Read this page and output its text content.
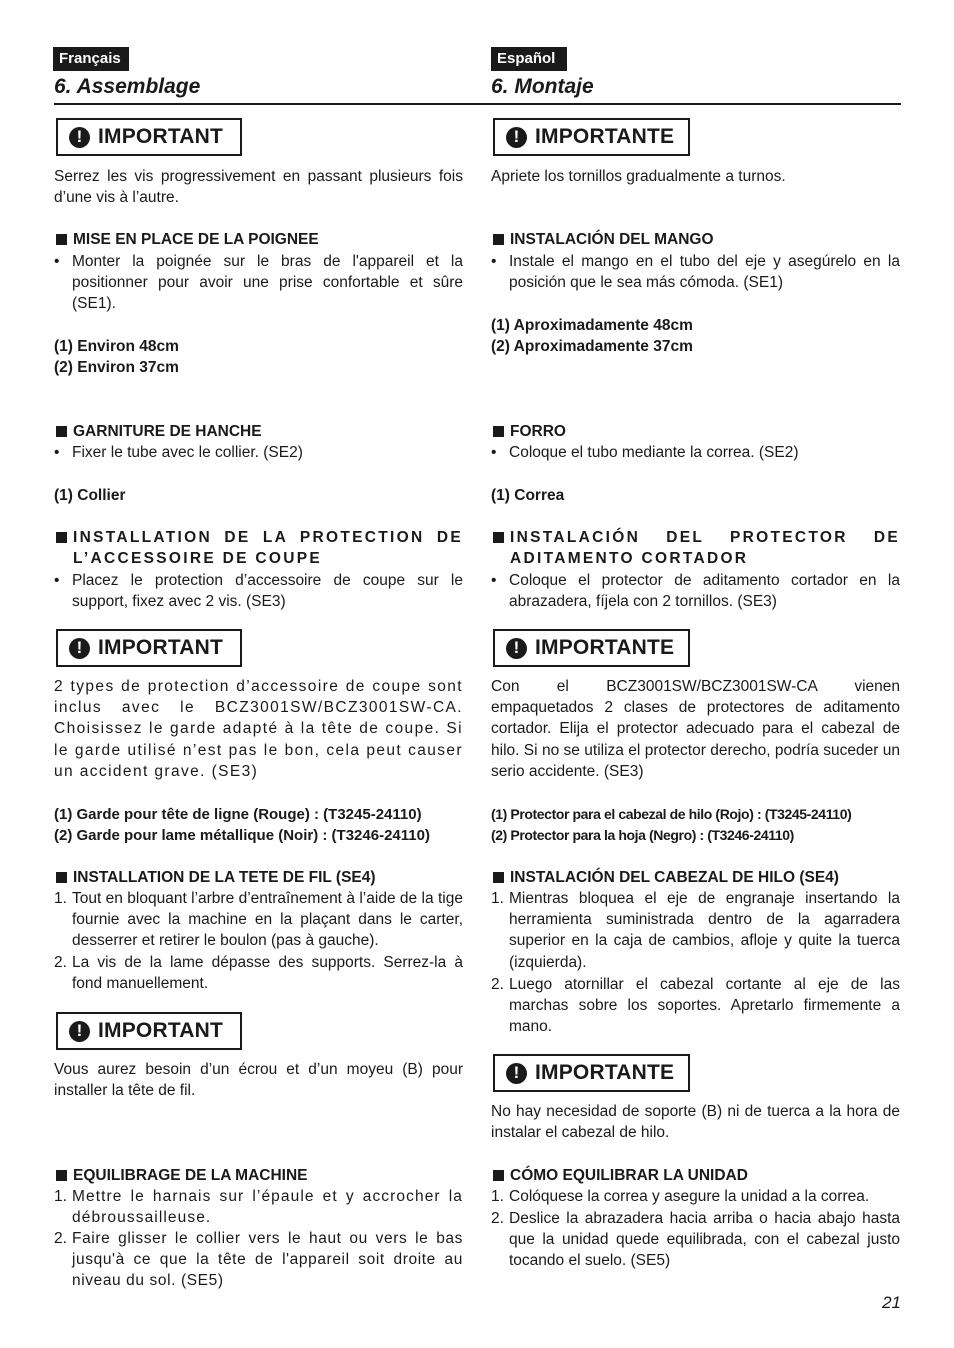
Français
6. Assemblage
! IMPORTANT
Serrez les vis progressivement en passant plusieurs fois d’une vis à l’autre.
MISE EN PLACE DE LA POIGNEE
• Monter la poignée sur le bras de l'appareil et la positionner pour avoir une prise confortable et sûre (SE1).
(1) Environ 48cm
(2) Environ 37cm
GARNITURE DE HANCHE
• Fixer le tube avec le collier. (SE2)
(1) Collier
INSTALLATION DE LA PROTECTION DE L’ACCESSOIRE DE COUPE
• Placez le protection d’accessoire de coupe sur le support, fixez avec 2 vis. (SE3)
! IMPORTANT
2 types de protection d’accessoire de coupe sont inclus avec le BCZ3001SW/BCZ3001SW-CA. Choisissez le garde adapté à la tête de coupe. Si le garde utilisé n’est pas le bon, cela peut causer un accident grave. (SE3)
(1) Garde pour tête de ligne (Rouge) : (T3245-24110)
(2) Garde pour lame métallique (Noir) : (T3246-24110)
INSTALLATION DE LA TETE DE FIL (SE4)
1. Tout en bloquant l’arbre d’entraînement à l’aide de la tige fournie avec la machine en la plaçant dans le carter, desserrer et retirer le boulon (pas à gauche).
2. La vis de la lame dépasse des supports. Serrez-la à fond manuellement.
! IMPORTANT
Vous aurez besoin d’un écrou et d’un moyeu (B) pour installer la tête de fil.
EQUILIBRAGE DE LA MACHINE
1. Mettre le harnais sur l’épaule et y accrocher la débroussailleuse.
2. Faire glisser le collier vers le haut ou vers le bas jusqu'à ce que la tête de l'appareil soit droite au niveau du sol. (SE5)
Español
6. Montaje
! IMPORTANTE
Apriete los tornillos gradualmente a turnos.
INSTALACIÓN DEL MANGO
• Instale el mango en el tubo del eje y asegúrelo en la posición que le sea más cómoda. (SE1)
(1) Aproximadamente 48cm
(2) Aproximadamente 37cm
FORRO
• Coloque el tubo mediante la correa. (SE2)
(1) Correa
INSTALACIÓN DEL PROTECTOR DE ADITAMENTO CORTADOR
• Coloque el protector de aditamento cortador en la abrazadera, fíjela con 2 tornillos. (SE3)
! IMPORTANTE
Con el BCZ3001SW/BCZ3001SW-CA vienen empaquetados 2 clases de protectores de aditamento cortador. Elija el protector adecuado para el cabezal de hilo. Si no se utiliza el protector derecho, podría suceder un serio accidente. (SE3)
(1) Protector para el cabezal de hilo (Rojo) : (T3245-24110)
(2) Protector para la hoja (Negro) : (T3246-24110)
INSTALACIÓN DEL CABEZAL DE HILO (SE4)
1. Mientras bloquea el eje de engranaje insertando la herramienta suministrada dentro de la agarradera superior en la caja de cambios, afloje y quite la tuerca (izquierda).
2. Luego atornillar el cabezal cortante al eje de las marchas sobre los soportes. Apretarlo firmemente a mano.
! IMPORTANTE
No hay necesidad de soporte (B) ni de tuerca a la hora de instalar el cabezal de hilo.
CÓMO EQUILIBRAR LA UNIDAD
1. Colóquese la correa y asegure la unidad a la correa.
2. Deslice la abrazadera hacia arriba o hacia abajo hasta que la unidad quede equilibrada, con el cabezal justo tocando el suelo. (SE5)
21
